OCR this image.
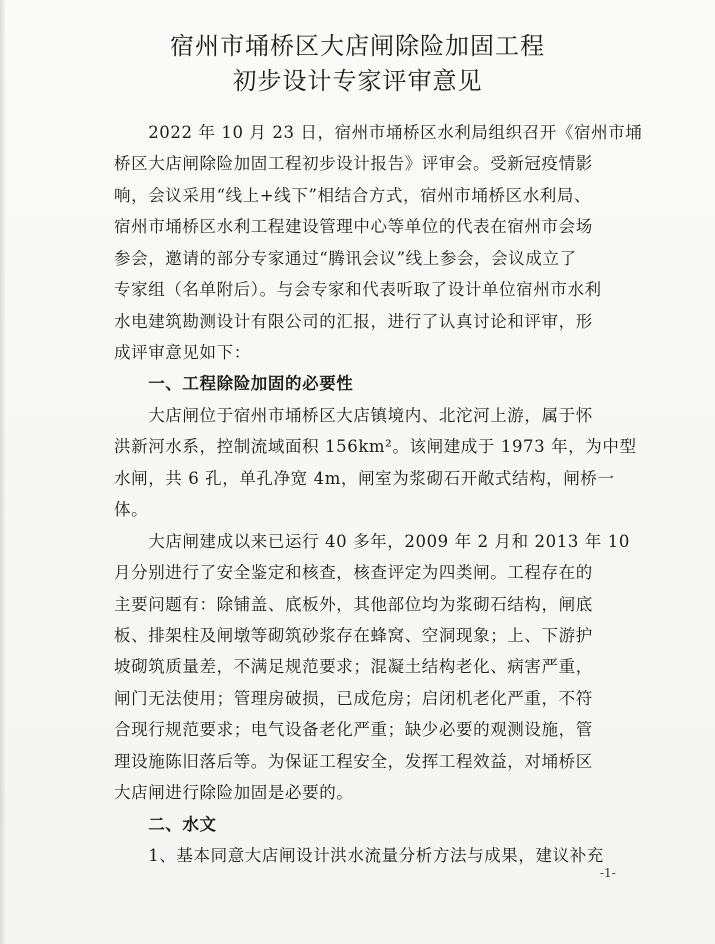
宿州市埇桥区大店闸除险加固工程
初步设计专家评审意见
　　2022 年 10 月 23 日，宿州市埇桥区水利局组织召开《宿州市埇
桥区大店闸除险加固工程初步设计报告》评审会。受新冠疫情影
响，会议采用“线上+线下”相结合方式，宿州市埇桥区水利局、
宿州市埇桥区水利工程建设管理中心等单位的代表在宿州市会场
参会，邀请的部分专家通过“腾讯会议”线上参会，会议成立了
专家组（名单附后）。与会专家和代表听取了设计单位宿州市水利
水电建筑勘测设计有限公司的汇报，进行了认真讨论和评审，形
成评审意见如下：
　　一、工程除险加固的必要性
　　大店闸位于宿州市埇桥区大店镇境内、北沱河上游，属于怀
洪新河水系，控制流域面积 156km²。该闸建成于 1973 年，为中型
水闸，共 6 孔，单孔净宽 4m，闸室为浆砌石开敞式结构，闸桥一
体。
　　大店闸建成以来已运行 40 多年，2009 年 2 月和 2013 年 10
月分别进行了安全鉴定和核查，核查评定为四类闸。工程存在的
主要问题有：除铺盖、底板外，其他部位均为浆砌石结构，闸底
板、排架柱及闸墩等砌筑砂浆存在蜂窝、空洞现象；上、下游护
坡砌筑质量差，不满足规范要求；混凝土结构老化、病害严重，
闸门无法使用；管理房破损，已成危房；启闭机老化严重，不符
合现行规范要求；电气设备老化严重；缺少必要的观测设施，管
理设施陈旧落后等。为保证工程安全，发挥工程效益，对埇桥区
大店闸进行除险加固是必要的。
　　二、水文
　　1、基本同意大店闸设计洪水流量分析方法与成果，建议补充
-1-
